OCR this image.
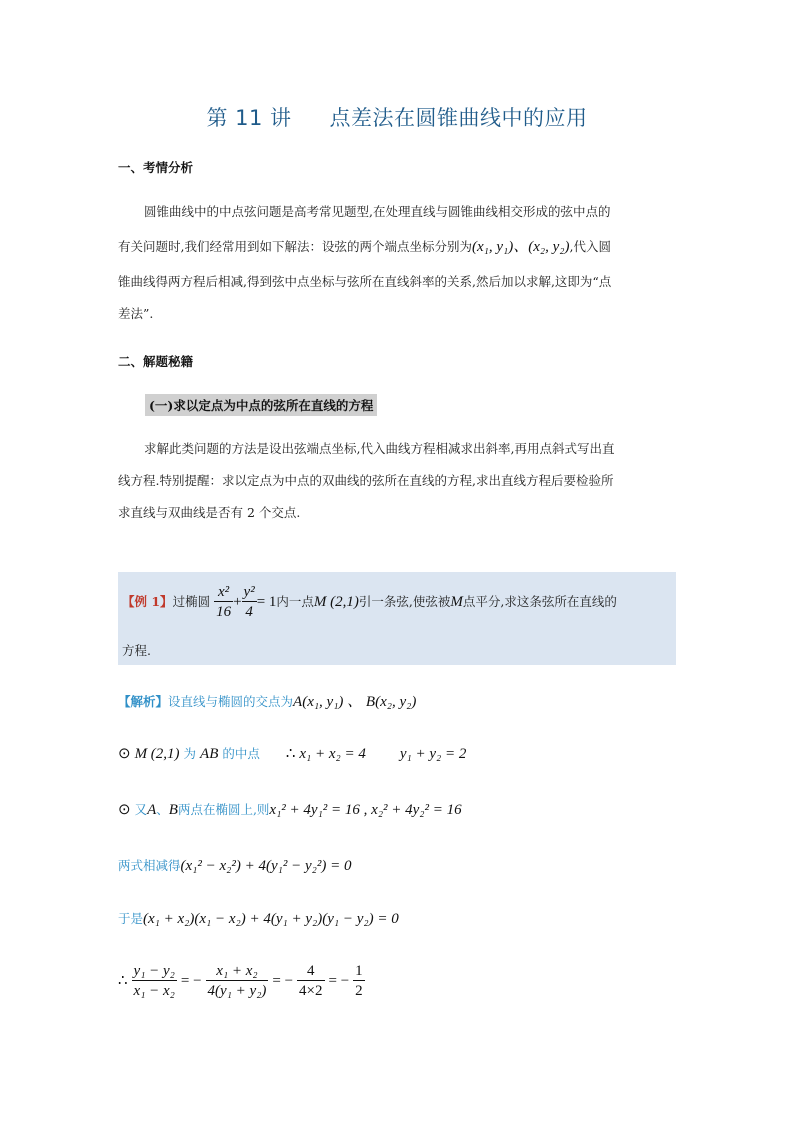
第 11 讲 点差法在圆锥曲线中的应用
一、考情分析
圆锥曲线中的中点弦问题是高考常见题型,在处理直线与圆锥曲线相交形成的弦中点的
有关问题时,我们经常用到如下解法：设弦的两个端点坐标分别为(x₁, y₁)、(x₂, y₂),代入圆
锥曲线得两方程后相减,得到弦中点坐标与弦所在直线斜率的关系,然后加以求解,这即为“点
差法”.
二、解题秘籍
(一)求以定点为中点的弦所在直线的方程
求解此类问题的方法是设出弦端点坐标,代入曲线方程相减求出斜率,再用点斜式写出直
线方程.特别提醒：求以定点为中点的双曲线的弦所在直线的方程,求出直线方程后要检验所
求直线与双曲线是否有 2 个交点.
【例 1】过椭圆 $\frac{\text{x²}}{16} + \frac{\text{y²}}{4} = 1$内一点M (2,1)引一条弦,使弦被M点平分,求这条弦所在直线的
方程.
【解析】设直线与椭圆的交点为A(x₁, y₁) 、 B(x₂, y₂)
⊙ M (2,1) 为 AB 的中点 ∴ x₁ + x₂ = 4 y₁ + y₂ = 2
⊙ 又A、B两点在椭圆上,则x₁² + 4y₁² = 16 , x₂² + 4y₂² = 16
两式相减得(x₁² − x₂²) + 4(y₁² − y₂²) = 0
于是(x₁ + x₂)(x₁ − x₂) + 4(y₁ + y₂)(y₁ − y₂) = 0
∴ $\frac{\text{y₁ − y₂}}{\text{x₁ − x₂}}$ = − $\frac{\text{x₁ + x₂}}{\text{4(y₁ + y₂)}}$ = − $\frac{4}{4\times 2}$ = − $\frac{1}{2}$
